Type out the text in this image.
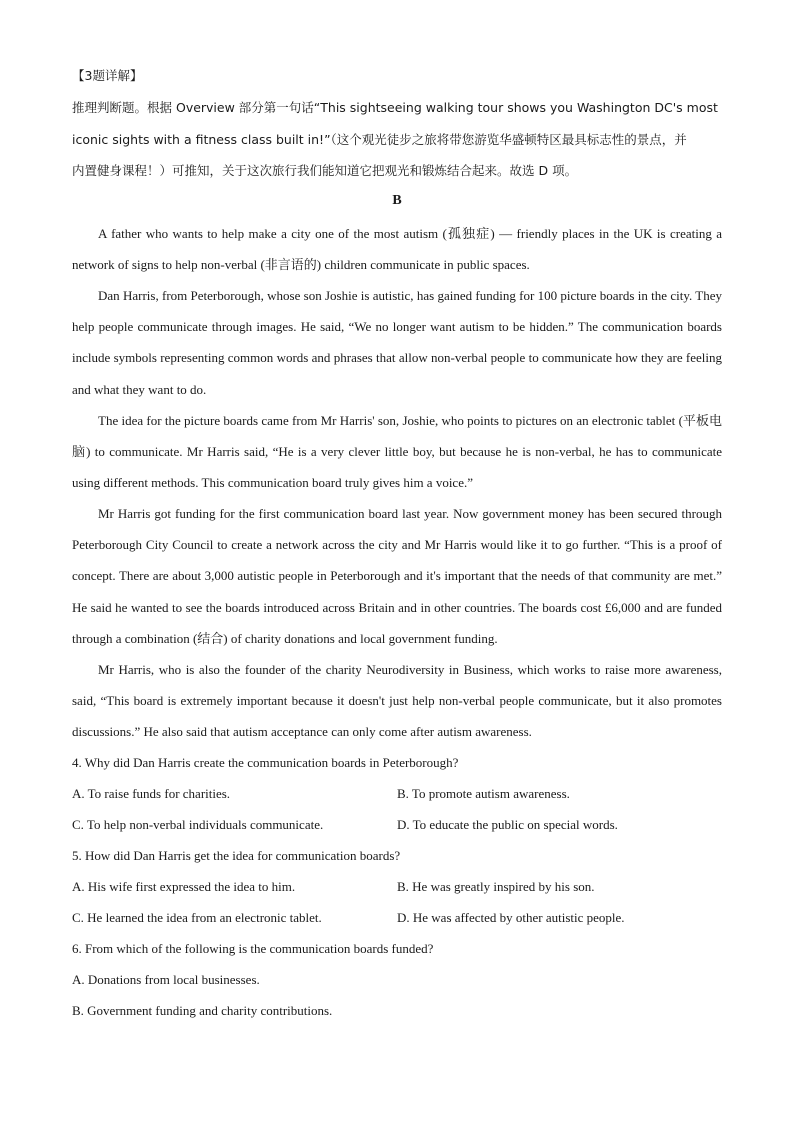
【3题详解】
推理判断题。根据 Overview 部分第一句话“This sightseeing walking tour shows you Washington DC's most
iconic sights with a fitness class built in!”（这个观光徒步之旅将带您游览华盛顿特区最具标志性的景点，并
内置健身课程！）可推知，关于这次旅行我们能知道它把观光和锻炼结合起来。故选 D 项。
B

A father who wants to help make a city one of the most autism (孤独症) — friendly places in the UK is creating a network of signs to help non-verbal (非言语的) children communicate in public spaces.

Dan Harris, from Peterborough, whose son Joshie is autistic, has gained funding for 100 picture boards in the city. They help people communicate through images. He said, “We no longer want autism to be hidden.” The communication boards include symbols representing common words and phrases that allow non-verbal people to communicate how they are feeling and what they want to do.

The idea for the picture boards came from Mr Harris' son, Joshie, who points to pictures on an electronic tablet (平板电脑) to communicate. Mr Harris said, “He is a very clever little boy, but because he is non-verbal, he has to communicate using different methods. This communication board truly gives him a voice.”

Mr Harris got funding for the first communication board last year. Now government money has been secured through Peterborough City Council to create a network across the city and Mr Harris would like it to go further. “This is a proof of concept. There are about 3,000 autistic people in Peterborough and it's important that the needs of that community are met.” He said he wanted to see the boards introduced across Britain and in other countries. The boards cost £6,000 and are funded through a combination (结合) of charity donations and local government funding.

Mr Harris, who is also the founder of the charity Neurodiversity in Business, which works to raise more awareness, said, “This board is extremely important because it doesn't just help non-verbal people communicate, but it also promotes discussions.” He also said that autism acceptance can only come after autism awareness.

4. Why did Dan Harris create the communication boards in Peterborough?
A. To raise funds for charities.	B. To promote autism awareness.
C. To help non-verbal individuals communicate.	D. To educate the public on special words.
5. How did Dan Harris get the idea for communication boards?
A. His wife first expressed the idea to him.	B. He was greatly inspired by his son.
C. He learned the idea from an electronic tablet.	D. He was affected by other autistic people.
6. From which of the following is the communication boards funded?
A. Donations from local businesses.
B. Government funding and charity contributions.
